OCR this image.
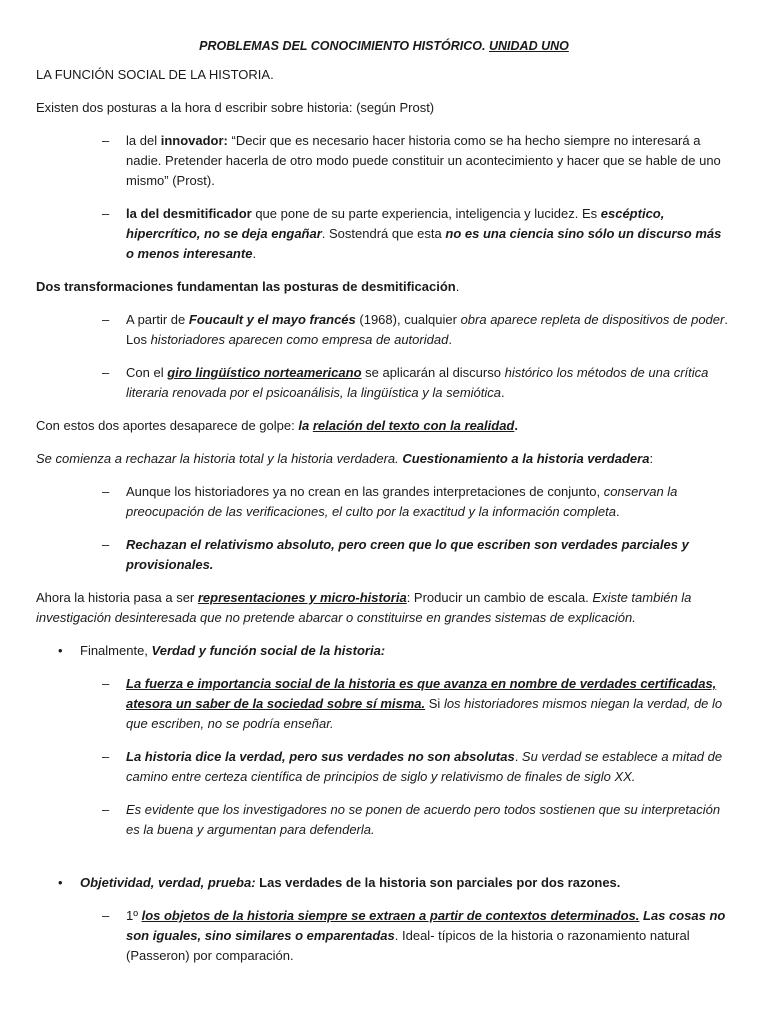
PROBLEMAS DEL CONOCIMIENTO HISTÓRICO. UNIDAD UNO

LA FUNCIÓN SOCIAL DE LA HISTORIA.

Existen dos posturas a la hora d escribir sobre historia: (según Prost)

– la del innovador: “Decir que es necesario hacer historia como se ha hecho siempre no interesará a nadie. Pretender hacerla de otro modo puede constituir un acontecimiento y hacer que se hable de uno mismo” (Prost).
– la del desmitificador que pone de su parte experiencia, inteligencia y lucidez. Es escéptico, hipercrítico, no se deja engañar. Sostendrá que esta no es una ciencia sino sólo un discurso más o menos interesante.

Dos transformaciones fundamentan las posturas de desmitificación.

– A partir de Foucault y el mayo francés (1968), cualquier obra aparece repleta de dispositivos de poder. Los historiadores aparecen como empresa de autoridad.
– Con el giro lingüístico norteamericano se aplicarán al discurso histórico los métodos de una crítica literaria renovada por el psicoanálisis, la lingüística y la semiótica.

Con estos dos aportes desaparece de golpe: la relación del texto con la realidad.

Se comienza a rechazar la historia total y la historia verdadera. Cuestionamiento a la historia verdadera:

– Aunque los historiadores ya no crean en las grandes interpretaciones de conjunto, conservan la preocupación de las verificaciones, el culto por la exactitud y la información completa.
– Rechazan el relativismo absoluto, pero creen que lo que escriben son verdades parciales y provisionales.

Ahora la historia pasa a ser representaciones y micro-historia: Producir un cambio de escala. Existe también la investigación desinteresada que no pretende abarcar o constituirse en grandes sistemas de explicación.

• Finalmente, Verdad y función social de la historia:
– La fuerza e importancia social de la historia es que avanza en nombre de verdades certificadas, atesora un saber de la sociedad sobre sí misma. Si los historiadores mismos niegan la verdad, de lo que escriben, no se podría enseñar.
– La historia dice la verdad, pero sus verdades no son absolutas. Su verdad se establece a mitad de camino entre certeza científica de principios de siglo y relativismo de finales de siglo XX.
– Es evidente que los investigadores no se ponen de acuerdo pero todos sostienen que su interpretación es la buena y argumentan para defenderla.
• Objetividad, verdad, prueba: Las verdades de la historia son parciales por dos razones.
– 1º los objetos de la historia siempre se extraen a partir de contextos determinados. Las cosas no son iguales, sino similares o emparentadas. Ideal- típicos de la historia o razonamiento natural (Passeron) por comparación.
